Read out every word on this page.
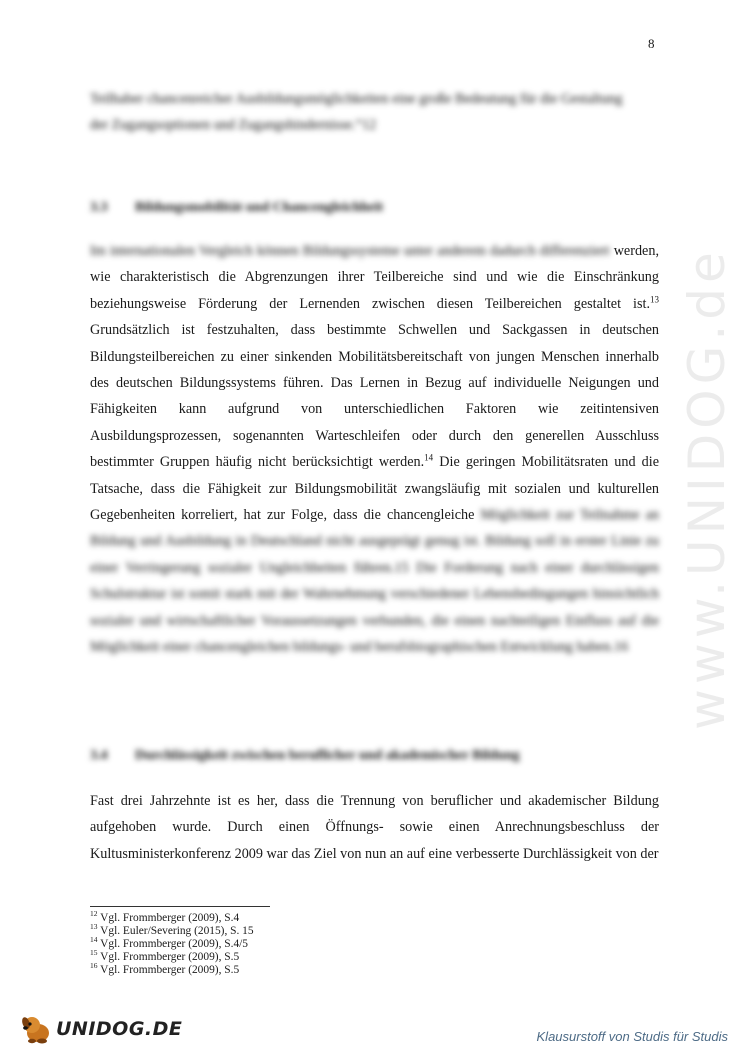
8
Teilhaber chancenreicher Ausbildungsmöglichkeiten eine große Bedeutung für die Gestaltung
der Zugangsoptionen und Zugangshindernisse.“12
3.3 Bildungsmobilität und Chancengleichheit
Im internationalen Vergleich können Bildungssysteme unter anderem dadurch differenziert werden, wie charakteristisch die Abgrenzungen ihrer Teilbereiche sind und wie die Einschränkung beziehungsweise Förderung der Lernenden zwischen diesen Teilbereichen gestaltet ist.$^{13}$ Grundsätzlich ist festzuhalten, dass bestimmte Schwellen und Sackgassen in deutschen Bildungsteilbereichen zu einer sinkenden Mobilitätsbereitschaft von jungen Menschen innerhalb des deutschen Bildungssystems führen. Das Lernen in Bezug auf individuelle Neigungen und Fähigkeiten kann aufgrund von unterschiedlichen Faktoren wie zeitintensiven Ausbildungsprozessen, sogenannten Warteschleifen oder durch den generellen Ausschluss bestimmter Gruppen häufig nicht berücksichtigt werden.$^{14}$ Die geringen Mobilitätsraten und die Tatsache, dass die Fähigkeit zur Bildungsmobilität zwangsläufig mit sozialen und kulturellen Gegebenheiten korreliert, hat zur Folge, dass die chancengleiche Möglichkeit zur Teilnahme an Bildung und Ausbildung in Deutschland nicht ausgeprägt genug ist. Bildung soll in erster Linie zu einer Verringerung sozialer Ungleichheiten führen.15 Die Forderung nach einer durchlässigen Schulstruktur ist somit stark mit der Wahrnehmung verschiedener Lebensbedingungen hinsichtlich sozialer und wirtschaftlicher Voraussetzungen verbunden, die einen nachteiligen Einfluss auf die Möglichkeit einer chancengleichen bildungs- und berufsbiographischen Entwicklung haben.16
3.4 Durchlässigkeit zwischen beruflicher und akademischer Bildung
Fast drei Jahrzehnte ist es her, dass die Trennung von beruflicher und akademischer Bildung aufgehoben wurde. Durch einen Öffnungs- sowie einen Anrechnungsbeschluss der Kultusministerkonferenz 2009 war das Ziel von nun an auf eine verbesserte Durchlässigkeit von der
$^{12}$ Vgl. Frommberger (2009), S.4
$^{13}$ Vgl. Euler/Severing (2015), S. 15
$^{14}$ Vgl. Frommberger (2009), S.4/5
$^{15}$ Vgl. Frommberger (2009), S.5
$^{16}$ Vgl. Frommberger (2009), S.5
www.UNIDOG.de
UNIDOG.DE	Klausurstoff von Studis für Studis
